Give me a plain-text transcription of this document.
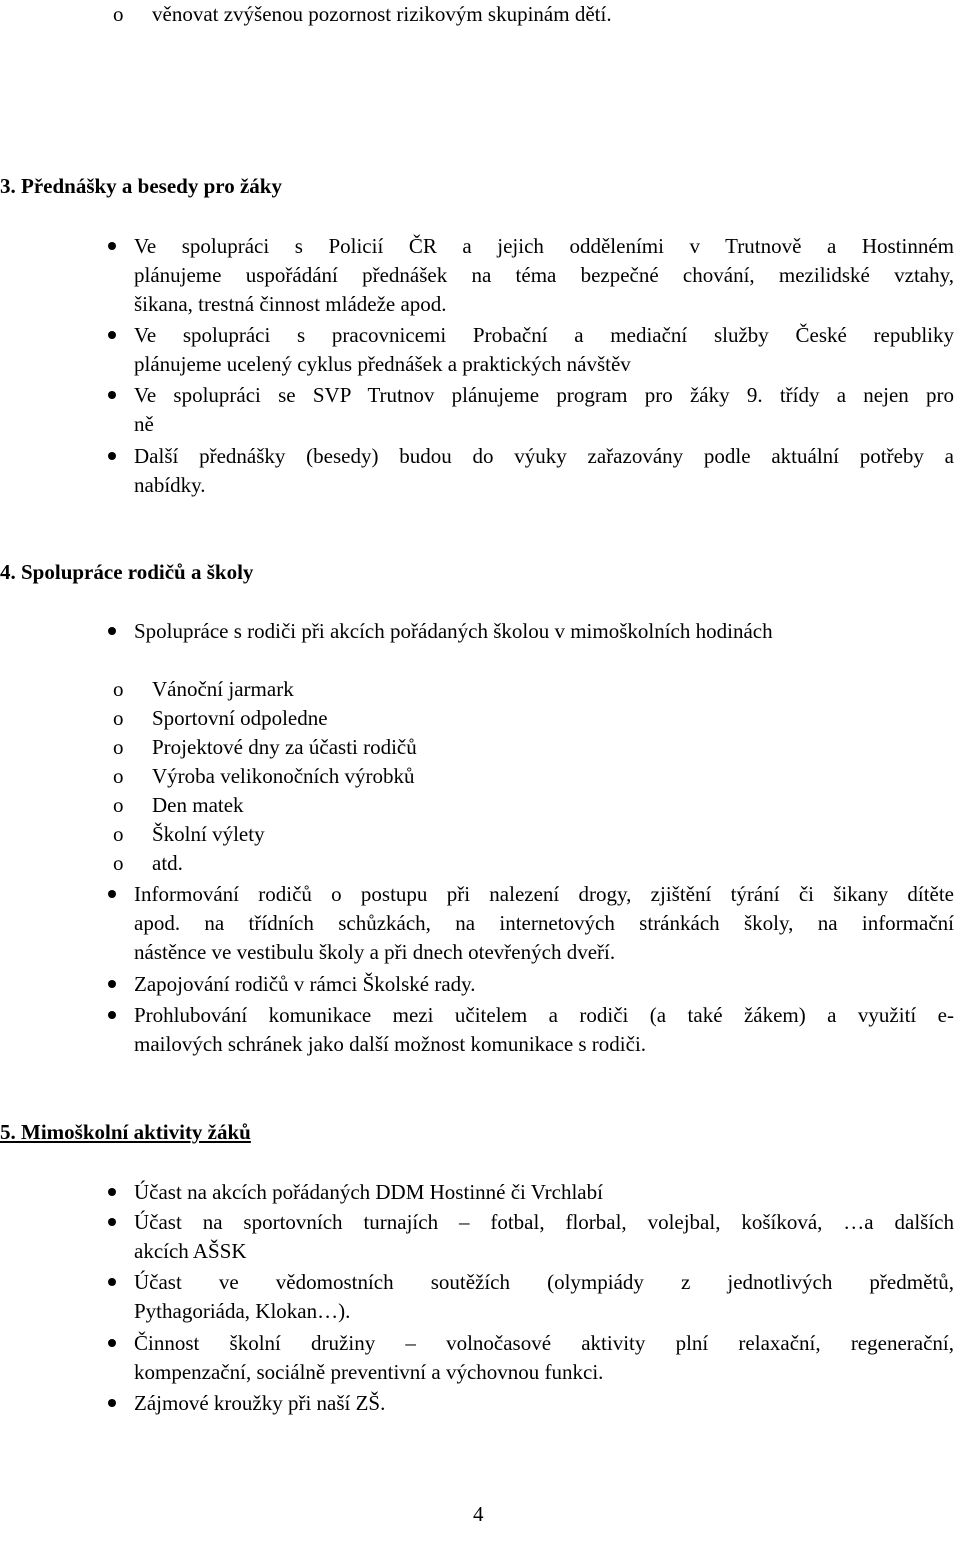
o věnovat zvýšenou pozornost rizikovým skupinám dětí.

3. Přednášky a besedy pro žáky

Ve spolupráci s Policií ČR a jejich odděleními v Trutnově a Hostinném

plánujeme uspořádání přednášek na téma bezpečné chování, mezilidské vztahy,

šikana, trestná činnost mládeže apod.

Ve spolupráci s pracovnicemi Probační a mediační služby České republiky

plánujeme ucelený cyklus přednášek a praktických návštěv

Ve spolupráci se SVP Trutnov plánujeme program pro žáky 9. třídy a nejen pro

ně

Další přednášky (besedy) budou do výuky zařazovány podle aktuální potřeby a

nabídky.

4. Spolupráce rodičů a školy

Spolupráce s rodiči při akcích pořádaných školou v mimoškolních hodinách

o Vánoční jarmark

o Sportovní odpoledne

o Projektové dny za účasti rodičů

o Výroba velikonočních výrobků

o Den matek

o Školní výlety

o atd.

Informování rodičů o postupu při nalezení drogy, zjištění týrání či šikany dítěte

apod. na třídních schůzkách, na internetových stránkách školy, na informační

nástěnce ve vestibulu školy a při dnech otevřených dveří.

Zapojování rodičů v rámci Školské rady.

Prohlubování komunikace mezi učitelem a rodiči (a také žákem) a využití e-

mailových schránek jako další možnost komunikace s rodiči.

5. Mimoškolní aktivity žáků

Účast na akcích pořádaných DDM Hostinné či Vrchlabí

Účast na sportovních turnajích – fotbal, florbal, volejbal, košíková, …a dalších

akcích AŠSK

Účast ve vědomostních soutěžích (olympiády z jednotlivých předmětů,

Pythagoriáda, Klokan…).

Činnost školní družiny – volnočasové aktivity plní relaxační, regenerační,

kompenzační, sociálně preventivní a výchovnou funkci.

Zájmové kroužky při naší ZŠ.

4
